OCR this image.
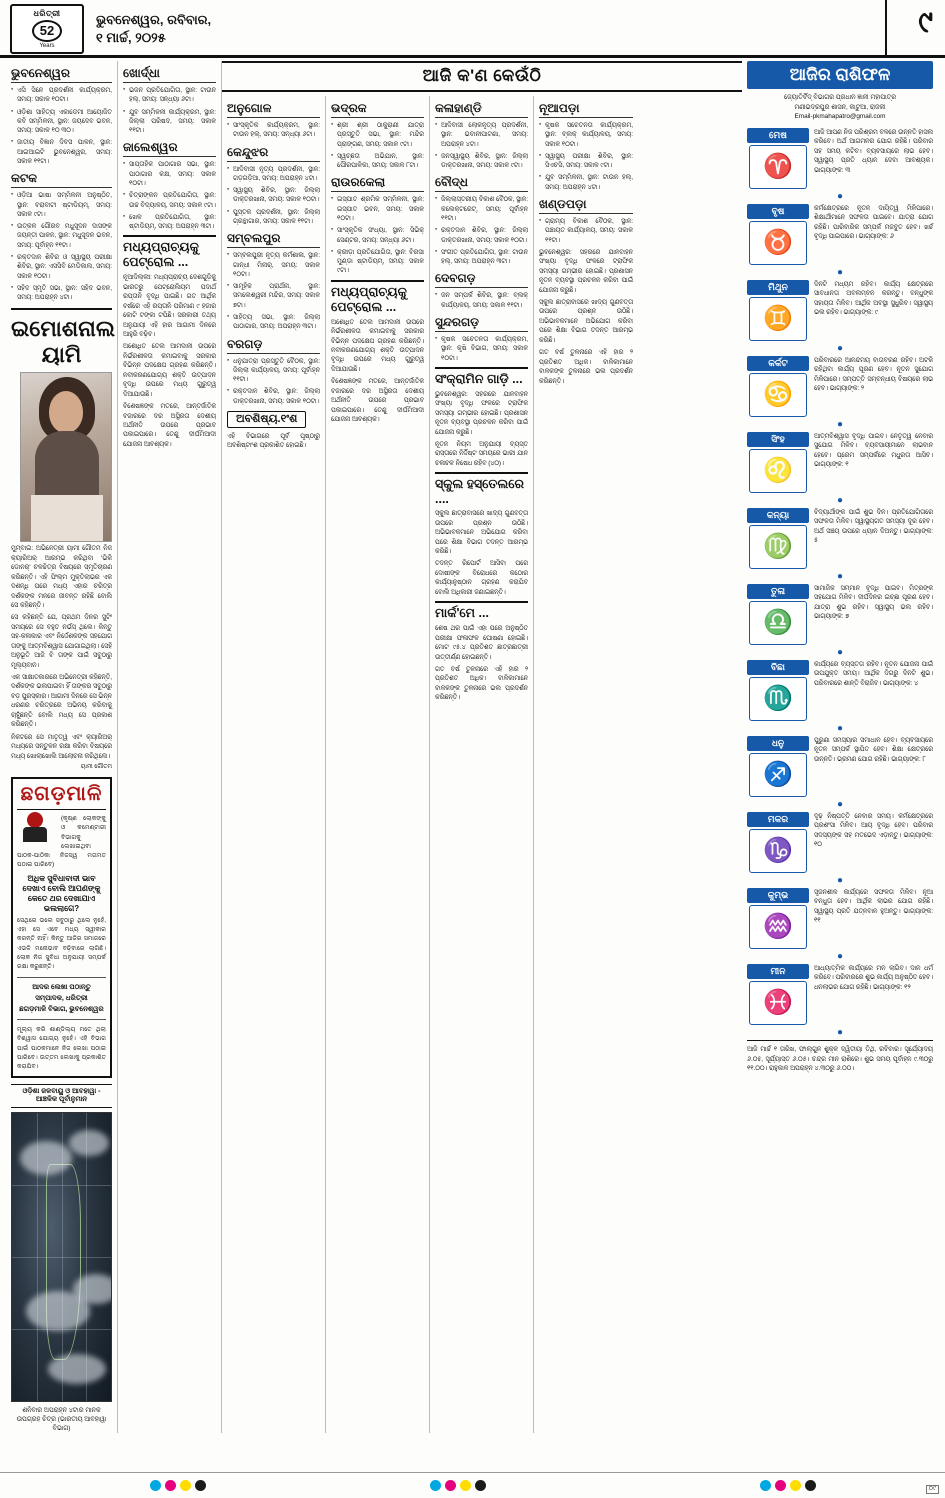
ଧରିତ୍ରୀ
52
Years
ଭୁବନେଶ୍ୱର, ରବିବାର,
୧ ମାର୍ଚ୍ଚ, ୨୦୨୫	୯
ଭୁବନେଶ୍ୱର
● ଏସି ସିନେ ପ୍ରଦର୍ଶନୀ କାର୍ଯ୍ୟକ୍ରମ, ସମୟ: ସକାଳ ୧୦ଟା।
● ଓଡ଼ିଶା ସାହିତ୍ୟ ଏକାଡେମୀ ଆୟୋଜିତ କବି ସମ୍ମିଳନୀ, ସ୍ଥାନ: ଜୟଦେବ ଭବନ, ସମୟ: ସକାଳ ୧୦ ୩୦।
● ଜାତୀୟ ବିଜ୍ଞାନ ଦିବସ ପାଳନ, ସ୍ଥାନ: ଆଇଆଇଟି ଭୁବନେଶ୍ୱର, ସମୟ: ସକାଳ ୧୧ଟା।
କଟକ
● ଓଡ଼ିଆ ଭାଷା ସମ୍ମିଳନୀ ଅନୁଷ୍ଠିତ, ସ୍ଥାନ: ବରାବାଟୀ ଷ୍ଟାଡିୟମ୍, ସମୟ: ସକାଳ ୯ଟା।
● ଉତ୍କଳ ଗୌରବ ମଧୁସୂଦନ ଦାସଙ୍କ ଜୟନ୍ତୀ ପାଳନ, ସ୍ଥାନ: ମଧୁସୂଦନ ଭବନ, ସମୟ: ପୂର୍ବାହ୍ନ ୧୧ଟା।
● ରକ୍ତଦାନ ଶିବିର ଓ ସ୍ୱାସ୍ଥ୍ୟ ପରୀକ୍ଷା ଶିବିର, ସ୍ଥାନ: ଏସସିବି ମେଡିକାଲ, ସମୟ: ସକାଳ ୧୦ଟା।
● ସହିଦ ସ୍ମୃତି ସଭା, ସ୍ଥାନ: ସହିଦ ଭବନ, ସମୟ: ଅପରାହ୍ନ ୪ଟା।
ଇମୋଶନାଲ ୟାମି

ମୁମ୍ବାଇ: ଅଭିନେତ୍ରୀ ୟାମୀ ଗୌତମ ନିଜ କ୍ୟାରିଅର୍ ଆରମ୍ଭ କରିଥିବା 'ଭିକି ଡୋନର୍' ଚଳଚ୍ଚିତ୍ର ବିଷୟରେ ସ୍ମୃତିଚାରଣ କରିଛନ୍ତି। ଏହି ଫିଲ୍ମ ମୁକ୍ତିଲାଭର ଏକ ଦଶନ୍ଧି ପରେ ମଧ୍ୟ ଏହାର ଚରିତ୍ର ଦର୍ଶକଙ୍କ ମନରେ ଜୀବନ୍ତ ରହିଛି ବୋଲି ସେ କହିଛନ୍ତି।

ସେ କହିଛନ୍ତି ଯେ, ପ୍ରଥମ ଦିନର ସୁଟିଂ ସମୟରେ ସେ ବହୁତ ନର୍ଭସ୍ ଥିଲେ। କିନ୍ତୁ ସହ-କଳାକାର ଏବଂ ନିର୍ଦ୍ଦେଶକଙ୍କ ସହଯୋଗ ତାଙ୍କୁ ଆତ୍ମବିଶ୍ୱାସ ଯୋଗାଇଥିଲା। ସେହି ଅନୁଭୂତି ଆଜି ବି ତାଙ୍କ ପାଇଁ ସବୁଠାରୁ ମୂଲ୍ୟବାନ।

ଏକ ସାକ୍ଷାତକାରରେ ଅଭିନେତ୍ରୀ କହିଛନ୍ତି, ଦର୍ଶକଙ୍କ ଭଲପାଇବା ହିଁ ତାଙ୍କର ସବୁଠାରୁ ବଡ଼ ପୁରସ୍କାର। ଆଗାମୀ ଦିନରେ ସେ ଭିନ୍ନ ଧରଣର ଚରିତ୍ରରେ ଅଭିନୟ କରିବାକୁ ଚାହୁଁଛନ୍ତି ବୋଲି ମଧ୍ୟ ସେ ପ୍ରକାଶ କରିଛନ୍ତି।

ନିକଟରେ ସେ ମାତୃତ୍ୱ ଏବଂ କ୍ୟାରିଅର୍ ମଧ୍ୟରେ ସନ୍ତୁଳନ ରକ୍ଷା କରିବା ବିଷୟରେ ମଧ୍ୟ ଖୋଲାଖୋଲି ଆଲୋଚନା କରିଥିଲେ।

ୟାମୀ ଗୌତମ
ଛଗଡ଼ମାଳି
(କୃଷ୍ଣ ଲୋକଙ୍କୁ ଓ କମେଣ୍ଟାରୀ ବିଭାଗକୁ ଲେଖାଇଥିବା ପାଠକ-ପାଠିକା ନିଜସ୍ୱ ମତାମତ ପଠାଇ ପାରିବେ)
ଅଧିକ ସୁବିଧାବାଦୀ ଭାବ ଦେଖାଏ ବୋଲି ଆପଣଙ୍କୁ କେତେ ଥର ଦେଖାଯାଏ ଭଲଲାଗେ?
ସେଥିରେ ଭଲେ ସବୁଠାରୁ ଥିଲେ ନୁହେଁ, ଏହା ସେ ଏବେ ମଧ୍ୟ ସ୍ୱୀକାର କରନ୍ତି ନାହିଁ। କିନ୍ତୁ ଆଜିର ସମାଜରେ ଏଭଳି ମନୋଭାବ ବଢ଼ିବାରେ ଲାଗିଛି। ଲୋକ ନିଜ ସୁବିଧା ଅନୁଯାୟୀ ସମ୍ପର୍କ ରକ୍ଷା କରୁଛନ୍ତି।
ଆଦର ଲେଖା ପଠାନ୍ତୁ
ସମ୍ପାଦକ, ଧରିତ୍ରୀ
ଛଗଡ଼ମାଳି ବିଭାଗ, ଭୁବନେଶ୍ୱର
ମୂଲ୍ୟ କରି ଶାଣ୍ଡିଲ୍ୟ ମତେ ଥିଲା ବିଶ୍ୱାସ ଯୋଗ୍ୟ ନୁହେଁ। ଏହି ବିଭାଗ ପାଇଁ ପାଠକମାନେ ନିଜ ଲେଖା ପଠାଇ ପାରିବେ। ଉତ୍ତମ ଲେଖାକୁ ପ୍ରକାଶିତ କରାଯିବ।
ଓଡ଼ିଶା ଜଳବାୟୁ ଓ ଆବହାୱା - ଆଞ୍ଚଳିକ ପୂର୍ବାନୁମାନ
ଶନିବାର ଅପରାହ୍ନ ୪ଟାର ମାନକ ଉପଗ୍ରହ ଚିତ୍ର (ଭାରତୀୟ ଆବହାୱା ବିଭାଗ)
ଖୋର୍ଦ୍ଧା
● ଭଜନ ପ୍ରତିଯୋଗିତା, ସ୍ଥାନ: ଟାଉନ ହଲ୍, ସମୟ: ସନ୍ଧ୍ୟା ୬ଟା।
● ଯୁବ ସମ୍ମିଳନୀ କାର୍ଯ୍ୟକ୍ରମ, ସ୍ଥାନ: ଜିଲ୍ଲା ପରିଷଦ, ସମୟ: ସକାଳ ୧୧ଟା।
ଜାଲେଶ୍ୱର
● ସାପ୍ତାହିକ ପାଠାଗାର ସଭା, ସ୍ଥାନ: ପାଠାଗାର କକ୍ଷ, ସମୟ: ସକାଳ ୧୦ଟା।
● ଚିତ୍ରାଙ୍କନ ପ୍ରତିଯୋଗିତା, ସ୍ଥାନ: ଉଚ୍ଚ ବିଦ୍ୟାଳୟ, ସମୟ: ସକାଳ ୯ଟା।
● ଖେଳ ପ୍ରତିଯୋଗିତା, ସ୍ଥାନ: ଷ୍ଟାଡିୟମ୍, ସମୟ: ଅପରାହ୍ନ ୩ଟା।
ମଧ୍ୟପ୍ରାଚ୍ୟକୁ ପେଟ୍ରୋଲ ...

ନୂଆଦିଲ୍ଲୀ: ମଧ୍ୟପ୍ରାଚ୍ୟ ଦେଶଗୁଡ଼ିକୁ ଭାରତରୁ ପେଟ୍ରୋଲିୟମ ପଦାର୍ଥ ରପ୍ତାନି ବୃଦ୍ଧି ପାଇଛି। ଗତ ଆର୍ଥିକ ବର୍ଷରେ ଏହି ରପ୍ତାନି ପରିମାଣ ୯ ହଜାର କୋଟି ଟଙ୍କା ଟପିଛି। ସରକାରୀ ତଥ୍ୟ ଅନୁଯାୟୀ ଏହି ହାର ଆଗାମୀ ଦିନରେ ଆହୁରି ବଢ଼ିବ।

ଅଶୋଧିତ ତେଲ ଆମଦାନୀ ଉପରେ ନିର୍ଭରଶୀଳତା କମାଇବାକୁ ସରକାର ବିଭିନ୍ନ ପଦକ୍ଷେପ ଗ୍ରହଣ କରିଛନ୍ତି। ନବୀକରଣଯୋଗ୍ୟ ଶକ୍ତି ଉତ୍ପାଦନ ବୃଦ୍ଧି ଉପରେ ମଧ୍ୟ ଗୁରୁତ୍ୱ ଦିଆଯାଉଛି।

ବିଶେଷଜ୍ଞଙ୍କ ମତରେ, ଆନ୍ତର୍ଜାତିକ ବଜାରରେ ଦର ଅସ୍ଥିରତା ଦେଶୀୟ ଅର୍ଥନୀତି ଉପରେ ପ୍ରଭାବ ପକାଇପାରେ। ତେଣୁ ଦୀର୍ଘମିଆଦୀ ଯୋଜନା ଆବଶ୍ୟକ।

ଆଜି କ'ଣ କେଉଁଠି
ଅନୁଗୋଳ
● ସାଂସ୍କୃତିକ କାର୍ଯ୍ୟକ୍ରମ, ସ୍ଥାନ: ଟାଉନ ହଲ୍, ସମୟ: ସନ୍ଧ୍ୟା ୬ଟା।
କେନ୍ଦୁଝର
● ଆଦିବାସୀ ନୃତ୍ୟ ପ୍ରଦର୍ଶନୀ, ସ୍ଥାନ: ଗଡ଼ଗଡ଼ିଆ, ସମୟ: ଅପରାହ୍ନ ୪ଟା।
● ସ୍ୱାସ୍ଥ୍ୟ ଶିବିର, ସ୍ଥାନ: ଜିଲ୍ଲା ଡାକ୍ତରଖାନା, ସମୟ: ସକାଳ ୧୦ଟା।
● ପୁସ୍ତକ ପ୍ରଦର୍ଶନୀ, ସ୍ଥାନ: ଜିଲ୍ଲା ଗ୍ରନ୍ଥାଗାର, ସମୟ: ସକାଳ ୧୧ଟା।
ସମ୍ବଲପୁର
● ସମ୍ବଲପୁରୀ ନୃତ୍ୟ କର୍ମଶାଳା, ସ୍ଥାନ: ଗାନ୍ଧୀ ମିନାର୍, ସମୟ: ସକାଳ ୧୦ଟା।
● ସାମୂହିକ ପ୍ରାର୍ଥନା, ସ୍ଥାନ: ସମଲେଶ୍ୱରୀ ମନ୍ଦିର, ସମୟ: ସକାଳ ୭ଟା।
● ସାହିତ୍ୟ ସଭା, ସ୍ଥାନ: ଜିଲ୍ଲା ପାଠାଗାର, ସମୟ: ଅପରାହ୍ନ ୩ଟା।
ବରଗଡ଼
● ଧନୁଯାତ୍ରା ପ୍ରସ୍ତୁତି ବୈଠକ, ସ୍ଥାନ: ଜିଲ୍ଲା କାର୍ଯ୍ୟାଳୟ, ସମୟ: ପୂର୍ବାହ୍ନ ୧୧ଟା।
● ରକ୍ତଦାନ ଶିବିର, ସ୍ଥାନ: ଜିଲ୍ଲା ଡାକ୍ତରଖାନା, ସମୟ: ସକାଳ ୧୦ଟା।
ଅବଶିଷ୍ୟ.୧ଂଶ

ଏହି ବିଭାଗରେ ପୂର୍ବ ପୃଷ୍ଠାରୁ ଅବଶିଷ୍ଟାଂଶ ପ୍ରକାଶିତ ହୋଇଛି।

ଭଦ୍ରକ
● ଶ୍ରୀ ଶ୍ରୀ ଠାକୁରାଣୀ ଯାତ୍ରା ପ୍ରସ୍ତୁତି ସଭା, ସ୍ଥାନ: ମନ୍ଦିର ପ୍ରାଙ୍ଗଣ, ସମୟ: ସକାଳ ୯ଟା।
● ସ୍ୱଚ୍ଛତା ଅଭିଯାନ, ସ୍ଥାନ: ପୌରପାଳିକା, ସମୟ: ସକାଳ ୮ଟା।
ରାଉରକେଲା
● ଇସ୍ପାତ ଶ୍ରମିକ ସମ୍ମିଳନୀ, ସ୍ଥାନ: ଇସ୍ପାତ ଭବନ, ସମୟ: ସକାଳ ୧୦ଟା।
● ସାଂସ୍କୃତିକ ସଂଧ୍ୟା, ସ୍ଥାନ: ସିଭିକ୍ ସେଣ୍ଟର, ସମୟ: ସନ୍ଧ୍ୟା ୬ଟା।
● କ୍ରୀଡ଼ା ପ୍ରତିଯୋଗିତା, ସ୍ଥାନ: ବିରସା ମୁଣ୍ଡା ଷ୍ଟାଡିୟମ୍, ସମୟ: ସକାଳ ୯ଟା।
ମଧ୍ୟପ୍ରାଚ୍ୟକୁ ପେଟ୍ରୋଲ ...

ଅଶୋଧିତ ତେଲ ଆମଦାନୀ ଉପରେ ନିର୍ଭରଶୀଳତା କମାଇବାକୁ ସରକାର ବିଭିନ୍ନ ପଦକ୍ଷେପ ଗ୍ରହଣ କରିଛନ୍ତି। ନବୀକରଣଯୋଗ୍ୟ ଶକ୍ତି ଉତ୍ପାଦନ ବୃଦ୍ଧି ଉପରେ ମଧ୍ୟ ଗୁରୁତ୍ୱ ଦିଆଯାଉଛି।

ବିଶେଷଜ୍ଞଙ୍କ ମତରେ, ଆନ୍ତର୍ଜାତିକ ବଜାରରେ ଦର ଅସ୍ଥିରତା ଦେଶୀୟ ଅର୍ଥନୀତି ଉପରେ ପ୍ରଭାବ ପକାଇପାରେ। ତେଣୁ ଦୀର୍ଘମିଆଦୀ ଯୋଜନା ଆବଶ୍ୟକ।

କଳାହାଣ୍ଡି
● ଆଦିବାସୀ ଲୋକନୃତ୍ୟ ପ୍ରଦର୍ଶନୀ, ସ୍ଥାନ: ଭବାନୀପାଟଣା, ସମୟ: ଅପରାହ୍ନ ୪ଟା।
● ଜନସ୍ୱାସ୍ଥ୍ୟ ଶିବିର, ସ୍ଥାନ: ଜିଲ୍ଲା ଡାକ୍ତରଖାନା, ସମୟ: ସକାଳ ୯ଟା।
ବୌଦ୍ଧ
● ଜିଲ୍ଲାସ୍ତରୀୟ ବିକାଶ ବୈଠକ, ସ୍ଥାନ: କଲେକ୍ଟରେଟ୍, ସମୟ: ପୂର୍ବାହ୍ନ ୧୧ଟା।
● ରକ୍ତଦାନ ଶିବିର, ସ୍ଥାନ: ଜିଲ୍ଲା ଡାକ୍ତରଖାନା, ସମୟ: ସକାଳ ୧୦ଟା।
● ସଂଗୀତ ପ୍ରତିଯୋଗିତା, ସ୍ଥାନ: ଟାଉନ ହଲ୍, ସମୟ: ଅପରାହ୍ନ ୩ଟା।
ଦେବଗଡ଼
● ଜନ ସମ୍ପର୍କ ଶିବିର, ସ୍ଥାନ: ବ୍ଲକ୍ କାର୍ଯ୍ୟାଳୟ, ସମୟ: ସକାଳ ୧୧ଟା।
ସୁନ୍ଦରଗଡ଼
● କୃଷକ ସଚେତନତା କାର୍ଯ୍ୟକ୍ରମ, ସ୍ଥାନ: କୃଷି ବିଭାଗ, ସମୟ: ସକାଳ ୧୦ଟା।
ସଂକ୍ରାମିନ ଗାଡ଼ି ...

ଭୁବନେଶ୍ୱର: ସହରରେ ଯାନବାହନ ସଂଖ୍ୟା ବୃଦ୍ଧି ଫଳରେ ଟ୍ରାଫିକ ସମସ୍ୟା ଗମ୍ଭୀର ହୋଇଛି। ପ୍ରଶାସନ ନୂତନ ବ୍ୟବସ୍ଥା ପ୍ରଚଳନ କରିବା ପାଇଁ ଯୋଜନା କରୁଛି।

ନୂତନ ନିୟମ ଅନୁଯାୟୀ ବ୍ୟସ୍ତ ରାସ୍ତାରେ ନିର୍ଦ୍ଦିଷ୍ଟ ସମୟରେ ଭାରୀ ଯାନ ଚଳାଚଳ ନିଷେଧ ରହିବ (୪୦)।

ସ୍କୁଲ ହସ୍ତେଲରେ ....

ସ୍କୁଲ ଛାତ୍ରାବାସରେ ଖାଦ୍ୟ ଗୁଣବତ୍ତା ଉପରେ ପ୍ରଶ୍ନ ଉଠିଛି। ଅଭିଭାବକମାନେ ଅଭିଯୋଗ କରିବା ପରେ ଶିକ୍ଷା ବିଭାଗ ତଦନ୍ତ ଆରମ୍ଭ କରିଛି।

ତଦନ୍ତ ରିପୋର୍ଟ ଆସିବା ପରେ ଦୋଷୀଙ୍କ ବିରୋଧରେ କଠୋର କାର୍ଯ୍ୟାନୁଷ୍ଠାନ ଗ୍ରହଣ କରାଯିବ ବୋଲି ଅଧିକାରୀ ଜଣାଇଛନ୍ତି।

ମାର୍କ'ମେ ...

ଶେଷ ଥର ପାଇଁ ଏହା ପରେ ଅନୁଷ୍ଠିତ ପରୀକ୍ଷା ଫଳାଫଳ ଘୋଷଣା ହୋଇଛି। ମୋଟ ୯୫.୪ ପ୍ରତିଶତ ଛାତ୍ରଛାତ୍ରୀ ଉତ୍ତୀର୍ଣ୍ଣ ହୋଇଛନ୍ତି।

ଗତ ବର୍ଷ ତୁଳନାରେ ଏହି ହାର ୨ ପ୍ରତିଶତ ଅଧିକ। ବାଳିକାମାନେ ବାଳକଙ୍କ ତୁଳନାରେ ଭଲ ପ୍ରଦର୍ଶନ କରିଛନ୍ତି।

ନୂଆପଡ଼ା
● କୃଷକ ସଚେତନତା କାର୍ଯ୍ୟକ୍ରମ, ସ୍ଥାନ: ବ୍ଲକ୍ କାର୍ଯ୍ୟାଳୟ, ସମୟ: ସକାଳ ୧୦ଟା।
● ସ୍ୱାସ୍ଥ୍ୟ ପରୀକ୍ଷା ଶିବିର, ସ୍ଥାନ: ସିଏଚସି, ସମୟ: ସକାଳ ୯ଟା।
● ଯୁବ ସମ୍ମିଳନୀ, ସ୍ଥାନ: ଟାଉନ ହଲ୍, ସମୟ: ଅପରାହ୍ନ ୪ଟା।
ଖଣ୍ଡପଡ଼ା
● ଗ୍ରାମ୍ୟ ବିକାଶ ବୈଠକ, ସ୍ଥାନ: ପଞ୍ଚାୟତ କାର୍ଯ୍ୟାଳୟ, ସମୟ: ସକାଳ ୧୧ଟା।

ଭୁବନେଶ୍ୱର: ସହରରେ ଯାନବାହନ ସଂଖ୍ୟା ବୃଦ୍ଧି ଫଳରେ ଟ୍ରାଫିକ ସମସ୍ୟା ଗମ୍ଭୀର ହୋଇଛି। ପ୍ରଶାସନ ନୂତନ ବ୍ୟବସ୍ଥା ପ୍ରଚଳନ କରିବା ପାଇଁ ଯୋଜନା କରୁଛି।

ସ୍କୁଲ ଛାତ୍ରାବାସରେ ଖାଦ୍ୟ ଗୁଣବତ୍ତା ଉପରେ ପ୍ରଶ୍ନ ଉଠିଛି। ଅଭିଭାବକମାନେ ଅଭିଯୋଗ କରିବା ପରେ ଶିକ୍ଷା ବିଭାଗ ତଦନ୍ତ ଆରମ୍ଭ କରିଛି।

ଗତ ବର୍ଷ ତୁଳନାରେ ଏହି ହାର ୨ ପ୍ରତିଶତ ଅଧିକ। ବାଳିକାମାନେ ବାଳକଙ୍କ ତୁଳନାରେ ଭଲ ପ୍ରଦର୍ଶନ କରିଛନ୍ତି।

ଆଜିର ରାଶିଫଳ
ଜ୍ୟୋତିର୍ବିଦ୍ ବିଭାଗର ପ୍ରଧାନ ଜ୍ଞାନୀ ମହାପାତ୍ର
ମଣୀଭଦ୍ରପୁର ଶାସନ, କାଟୁଆ, ରାଜକୀ
Email-pkmahapatro@gmail.com
ମେଷ
♈
ଆଜି ଆପଣ ନିଜ ପରିଶ୍ରମ ବଳରେ ଉନ୍ନତି ହାସଲ କରିବେ। ଅର୍ଥ ଆଗମନର ଯୋଗ ରହିଛି। ପରିବାର ସହ ସମୟ କଟିବ। ବ୍ୟବସାୟରେ ଲାଭ ହେବ। ସ୍ୱାସ୍ଥ୍ୟ ପ୍ରତି ଧ୍ୟାନ ଦେବା ଆବଶ୍ୟକ। ଭାଗ୍ୟାଙ୍କ: ୩
●
ବୃଷ
♉
କର୍ମକ୍ଷେତ୍ରରେ ନୂତନ ଦାୟିତ୍ୱ ମିଳିପାରେ। ଶିକ୍ଷାର୍ଥୀମାନେ ସଫଳତା ପାଇବେ। ଯାତ୍ରା ଯୋଗ ରହିଛି। ପାରିବାରିକ ସମ୍ପର୍କ ମଜବୁତ ହେବ। ଖର୍ଚ୍ଚ ବୃଦ୍ଧି ପାଇପାରେ। ଭାଗ୍ୟାଙ୍କ: ୬
●
ମିଥୁନ
♊
ଦିନଟି ମଧ୍ୟମ ରହିବ। କାର୍ଯ୍ୟ କ୍ଷେତ୍ରରେ ସାବଧାନତା ଅବଲମ୍ବନ କରନ୍ତୁ। ବନ୍ଧୁଙ୍କ ସହାୟତା ମିଳିବ। ଆର୍ଥିକ ଅବସ୍ଥା ସୁଧୁରିବ। ସ୍ୱାସ୍ଥ୍ୟ ଭଲ ରହିବ। ଭାଗ୍ୟାଙ୍କ: ୯
●
କର୍କଟ
♋
ପରିବାରରେ ଆନନ୍ଦମୟ ବାତାବରଣ ରହିବ। ଅଟକି ରହିଥିବା କାର୍ଯ୍ୟ ପୂରଣ ହେବ। ନୂତନ ସୁଯୋଗ ମିଳିପାରେ। ସମ୍ପତ୍ତି ସମ୍ବନ୍ଧୀୟ ବିଷୟରେ ଲାଭ ହେବ। ଭାଗ୍ୟାଙ୍କ: ୨
●
ସିଂହ
♌
ଆତ୍ମବିଶ୍ୱାସ ବୃଦ୍ଧି ପାଇବ। ନେତୃତ୍ୱ ନେବାର ସୁଯୋଗ ମିଳିବ। ବ୍ୟବସାୟୀମାନେ ଲାଭବାନ ହେବେ। ପ୍ରେମ ସମ୍ପର୍କରେ ମଧୁରତା ଆସିବ। ଭାଗ୍ୟାଙ୍କ: ୧
●
କନ୍ୟା
♍
ବିଦ୍ୟାର୍ଥୀଙ୍କ ପାଇଁ ଶୁଭ ଦିନ। ପ୍ରତିଯୋଗିତାରେ ସଫଳତା ମିଳିବ। ସ୍ୱାସ୍ଥ୍ୟଗତ ସମସ୍ୟା ଦୂର ହେବ। ଅର୍ଥ ସଞ୍ଚୟ ଉପରେ ଧ୍ୟାନ ଦିଅନ୍ତୁ। ଭାଗ୍ୟାଙ୍କ: ୫
●
ତୁଳା
♎
ସାମାଜିକ ସମ୍ମାନ ବୃଦ୍ଧି ପାଇବ। ମିତ୍ରଙ୍କ ସହଯୋଗ ମିଳିବ। ଦୀର୍ଘଦିନର ଇଚ୍ଛା ପୂରଣ ହେବ। ଯାତ୍ରା ଶୁଭ ରହିବ। ସ୍ୱାସ୍ଥ୍ୟ ଭଲ ରହିବ। ଭାଗ୍ୟାଙ୍କ: ୭
●
ବିଛା
♏
କାର୍ଯ୍ୟରେ ବ୍ୟସ୍ତତା ରହିବ। ନୂତନ ଯୋଜନା ପାଇଁ ଉପଯୁକ୍ତ ସମୟ। ଆର୍ଥିକ ଦିଗରୁ ଦିନଟି ଶୁଭ। ପରିବାରରେ ଶାନ୍ତି ବିରାଜିବ। ଭାଗ୍ୟାଙ୍କ: ୪
●
ଧନୁ
♐
ପୁରୁଣା ସମସ୍ୟାର ସମାଧାନ ହେବ। ବ୍ୟବସାୟରେ ନୂତନ ସମ୍ପର୍କ ସ୍ଥାପିତ ହେବ। ଶିକ୍ଷା କ୍ଷେତ୍ରରେ ଉନ୍ନତି। ଭ୍ରମଣ ଯୋଗ ରହିଛି। ଭାଗ୍ୟାଙ୍କ: ୮
●
ମକର
♑
ଦୃଢ଼ ନିଷ୍ପତ୍ତି ନେବାର ସମୟ। କର୍ମକ୍ଷେତ୍ରରେ ପ୍ରଶଂସା ମିଳିବ। ଆୟ ବୃଦ୍ଧି ହେବ। ପରିବାର ସଦସ୍ୟଙ୍କ ସହ ମତଭେଦ ଏଡ଼ାନ୍ତୁ। ଭାଗ୍ୟାଙ୍କ: ୧୦
●
କୁମ୍ଭ
♒
ସୃଜନଶୀଳ କାର୍ଯ୍ୟରେ ସଫଳତା ମିଳିବ। ନୂଆ ବନ୍ଧୁତା ହେବ। ଆର୍ଥିକ ଲାଭର ଯୋଗ ରହିଛି। ସ୍ୱାସ୍ଥ୍ୟ ପ୍ରତି ଯତ୍ନବାନ ହୁଅନ୍ତୁ। ଭାଗ୍ୟାଙ୍କ: ୧୧
●
ମୀନ
♓
ଆଧ୍ୟାତ୍ମିକ କାର୍ଯ୍ୟରେ ମନ ଲାଗିବ। ଦାନ ଧର୍ମ କରିବେ। ପରିବାରରେ ଶୁଭ କାର୍ଯ୍ୟ ଅନୁଷ୍ଠିତ ହେବ। ଧନଲାଭର ଯୋଗ ରହିଛି। ଭାଗ୍ୟାଙ୍କ: ୧୨
●
ଆଜି ମାର୍ଚ୍ଚ ୧ ତାରିଖ, ଫାଲ୍ଗୁନ ଶୁକ୍ଳ ଦ୍ୱିତୀୟା ତିଥି, ରବିବାର। ସୂର୍ଯ୍ୟୋଦୟ ୬.୦୫, ସୂର୍ଯ୍ୟାସ୍ତ ୬.୦୫। ଚନ୍ଦ୍ର ମୀନ ରାଶିରେ। ଶୁଭ ସମୟ ପୂର୍ବାହ୍ନ ୯.୩୦ରୁ ୧୧.୦୦। ରାହୁକାଳ ଅପରାହ୍ନ ୪.୩୦ରୁ ୬.୦୦।
୦୯
